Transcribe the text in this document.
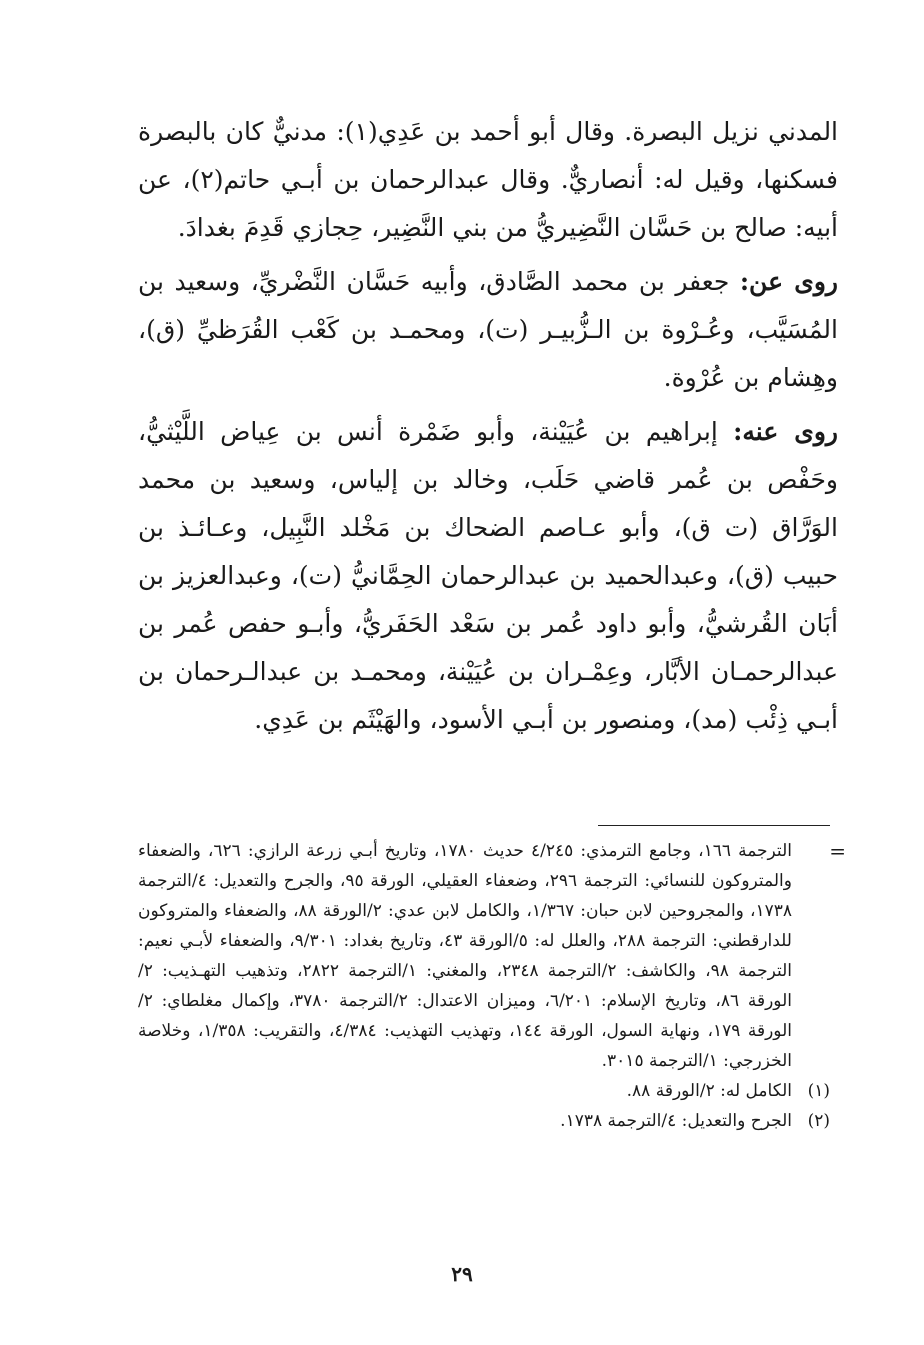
المدني نزيل البصرة. وقال أبو أحمد بن عَدِي(١): مدنيٌّ كان بالبصرة فسكنها، وقيل له: أنصاريٌّ. وقال عبدالرحمان بن أبـي حاتم(٢)، عن أبيه: صالح بن حَسَّان النَّضِيريُّ من بني النَّضِير، حِجازي قَدِمَ بغدادَ.

روى عن: جعفر بن محمد الصَّادق، وأبيه حَسَّان النَّضْريِّ، وسعيد بن المُسَيَّب، وعُـرْوة بن الـزُّبيـر (ت)، ومحمـد بن كَعْب القُرَظيِّ (ق)، وهِشام بن عُرْوة.

روى عنه: إبراهيم بن عُيَيْنة، وأبو ضَمْرة أنس بن عِياض اللَّيْثيُّ، وحَفْص بن عُمر قاضي حَلَب، وخالد بن إلياس، وسعيد بن محمد الوَرَّاق (ت ق)، وأبو عـاصم الضحاك بن مَخْلد النَّبِيل، وعـائـذ بن حبيب (ق)، وعبدالحميد بن عبدالرحمان الحِمَّانيُّ (ت)، وعبدالعزيز بن أبَان القُرشيُّ، وأبو داود عُمر بن سَعْد الحَفَريُّ، وأبـو حفص عُمر بن عبدالرحمـان الأبَّار، وعِمْـران بن عُيَيْنة، ومحمـد بن عبدالـرحمان بن أبـي ذِئْب (مد)، ومنصور بن أبـي الأسود، والهَيْثَم بن عَدِي.

=
الترجمة ١٦٦، وجامع الترمذي: ٤/٢٤٥ حديث ١٧٨٠، وتاريخ أبـي زرعة الرازي: ٦٢٦، والضعفاء والمتروكون للنسائي: الترجمة ٢٩٦، وضعفاء العقيلي، الورقة ٩٥، والجرح والتعديل: ٤/الترجمة ١٧٣٨، والمجروحين لابن حبان: ١/٣٦٧، والكامل لابن عدي: ٢/الورقة ٨٨، والضعفاء والمتروكون للدارقطني: الترجمة ٢٨٨، والعلل له: ٥/الورقة ٤٣، وتاريخ بغداد: ٩/٣٠١، والضعفاء لأبـي نعيم: الترجمة ٩٨، والكاشف: ٢/الترجمة ٢٣٤٨، والمغني: ١/الترجمة ٢٨٢٢، وتذهيب التهـذيب: ٢/الورقة ٨٦، وتاريخ الإسلام: ٦/٢٠١، وميزان الاعتدال: ٢/الترجمة ٣٧٨٠، وإكمال مغلطاي: ٢/الورقة ١٧٩، ونهاية السول، الورقة ١٤٤، وتهذيب التهذيب: ٤/٣٨٤، والتقريب: ١/٣٥٨، وخلاصة الخزرجي: ١/الترجمة ٣٠١٥.

(١)
الكامل له: ٢/الورقة ٨٨.

(٢)
الجرح والتعديل: ٤/الترجمة ١٧٣٨.

٢٩
